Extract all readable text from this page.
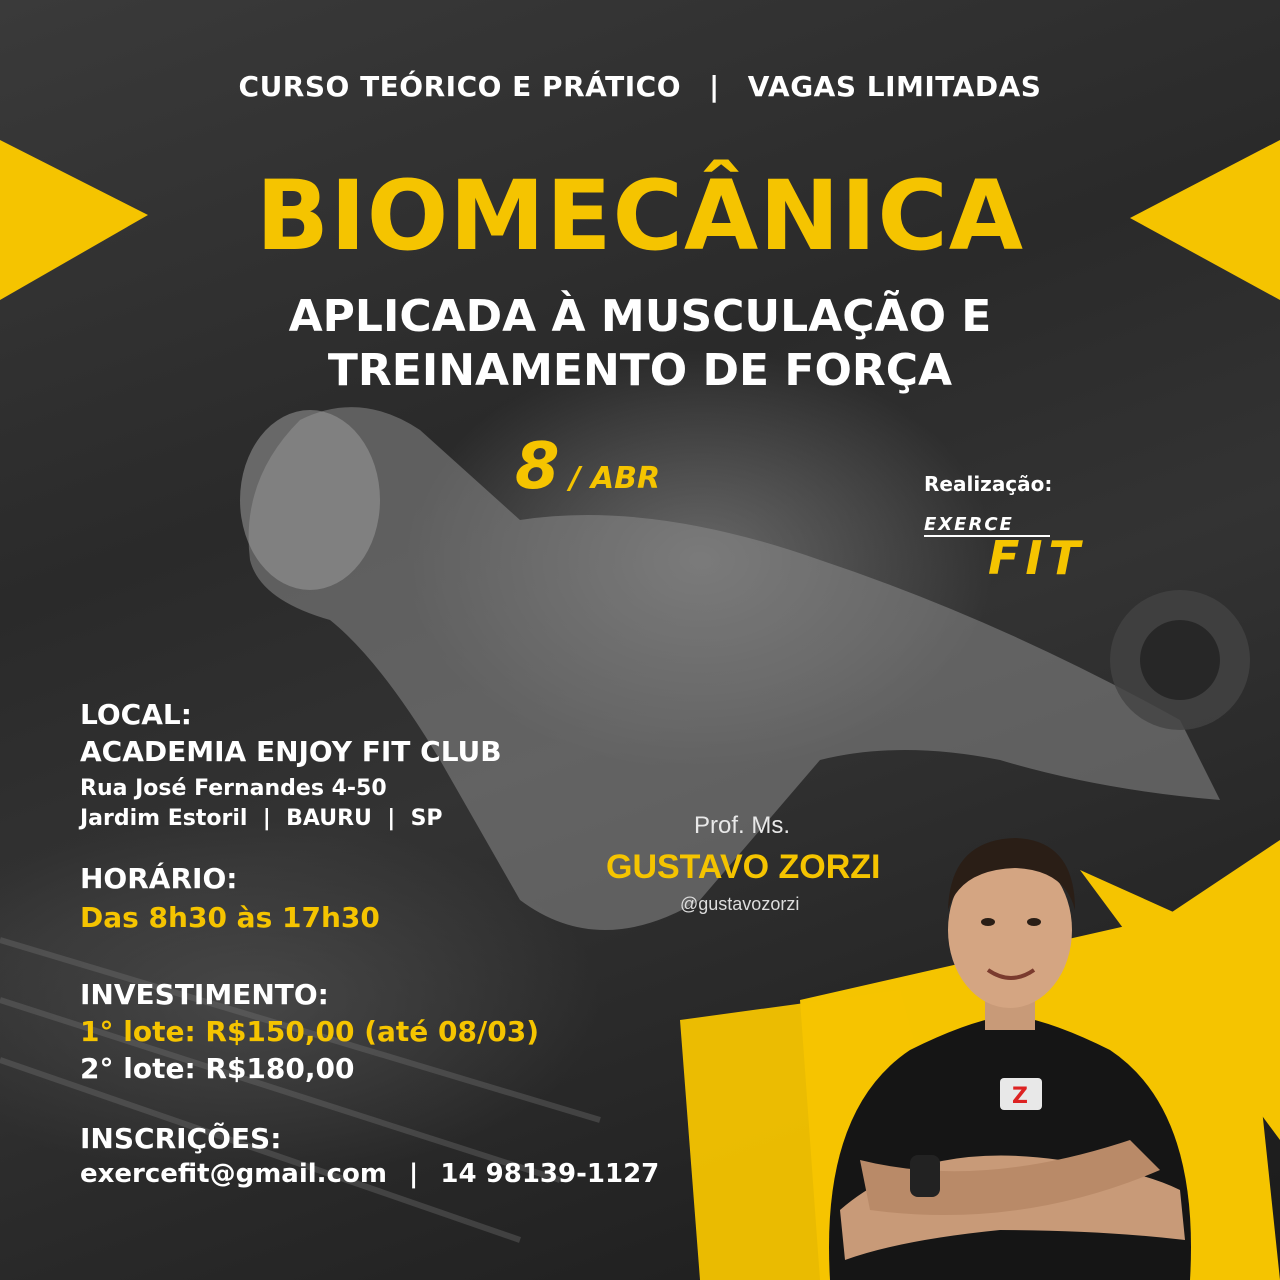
CURSO TEÓRICO E PRÁTICO | VAGAS LIMITADAS
BIOMECÂNICA
APLICADA À MUSCULAÇÃO E
TREINAMENTO DE FORÇA
8 / ABR	Realização:
EXERCE
FIT
LOCAL:
ACADEMIA ENJOY FIT CLUB
Rua José Fernandes 4-50
Jardim Estoril  |  BAURU  |  SP
HORÁRIO:
Das 8h30 às 17h30
INVESTIMENTO:
1° lote: R$150,00 (até 08/03)
2° lote: R$180,00
INSCRIÇÕES:
exercefit@gmail.com | 14 98139-1127
Prof. Ms.
GUSTAVO ZORZI
@gustavozorzi
Z
